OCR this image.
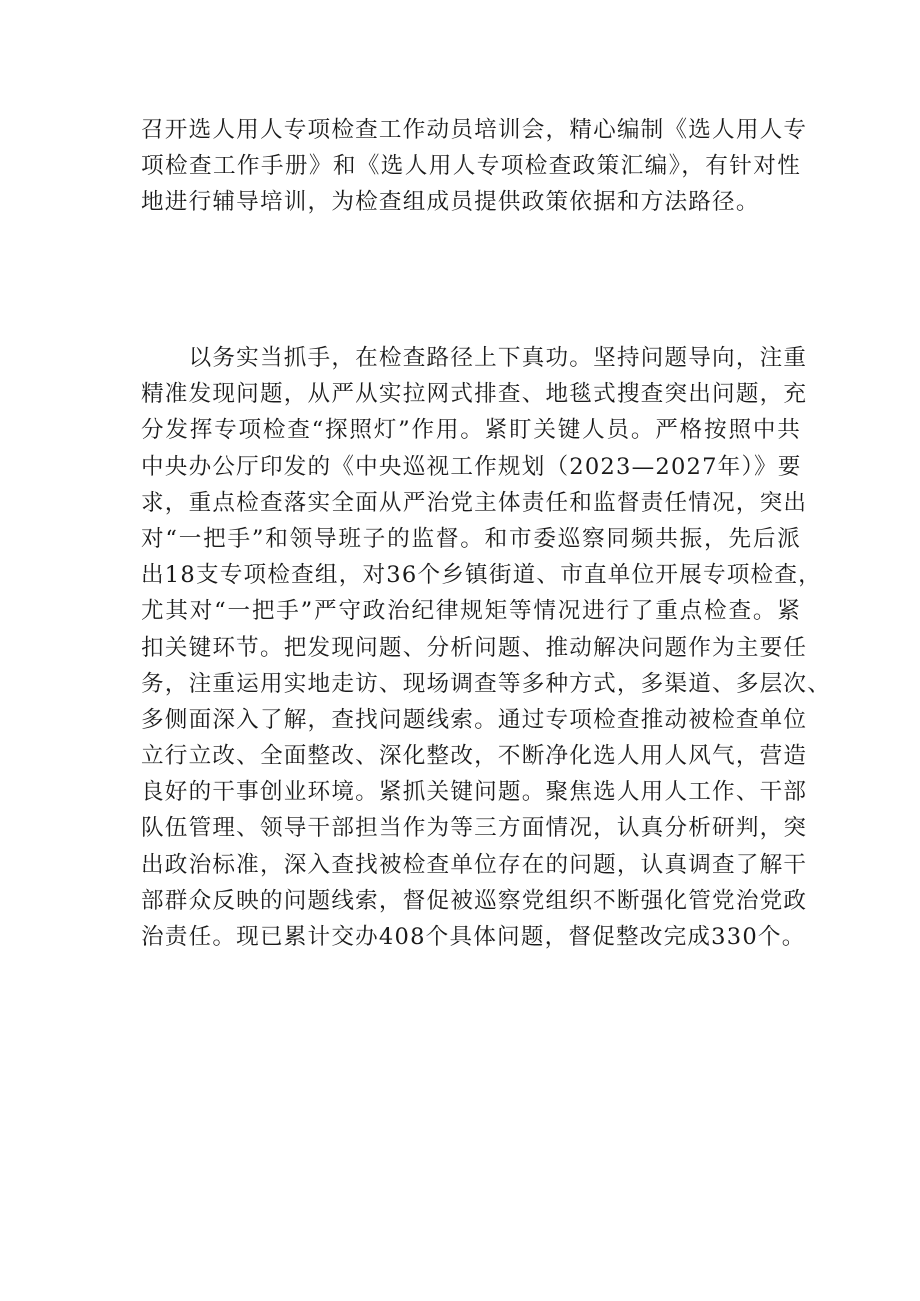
召开选人用人专项检查工作动员培训会，精心编制《选人用人专
项检查工作手册》和《选人用人专项检查政策汇编》，有针对性
地进行辅导培训，为检查组成员提供政策依据和方法路径。

　　以务实当抓手，在检查路径上下真功。坚持问题导向，注重
精准发现问题，从严从实拉网式排查、地毯式搜查突出问题，充
分发挥专项检查“探照灯”作用。紧盯关键人员。严格按照中共
中央办公厅印发的《中央巡视工作规划（2023—2027年）》要
求，重点检查落实全面从严治党主体责任和监督责任情况，突出
对“一把手”和领导班子的监督。和市委巡察同频共振，先后派
出18支专项检查组，对36个乡镇街道、市直单位开展专项检查，
尤其对“一把手”严守政治纪律规矩等情况进行了重点检查。紧
扣关键环节。把发现问题、分析问题、推动解决问题作为主要任
务，注重运用实地走访、现场调查等多种方式，多渠道、多层次、
多侧面深入了解，查找问题线索。通过专项检查推动被检查单位
立行立改、全面整改、深化整改，不断净化选人用人风气，营造
良好的干事创业环境。紧抓关键问题。聚焦选人用人工作、干部
队伍管理、领导干部担当作为等三方面情况，认真分析研判，突
出政治标准，深入查找被检查单位存在的问题，认真调查了解干
部群众反映的问题线索，督促被巡察党组织不断强化管党治党政
治责任。现已累计交办408个具体问题，督促整改完成330个。
